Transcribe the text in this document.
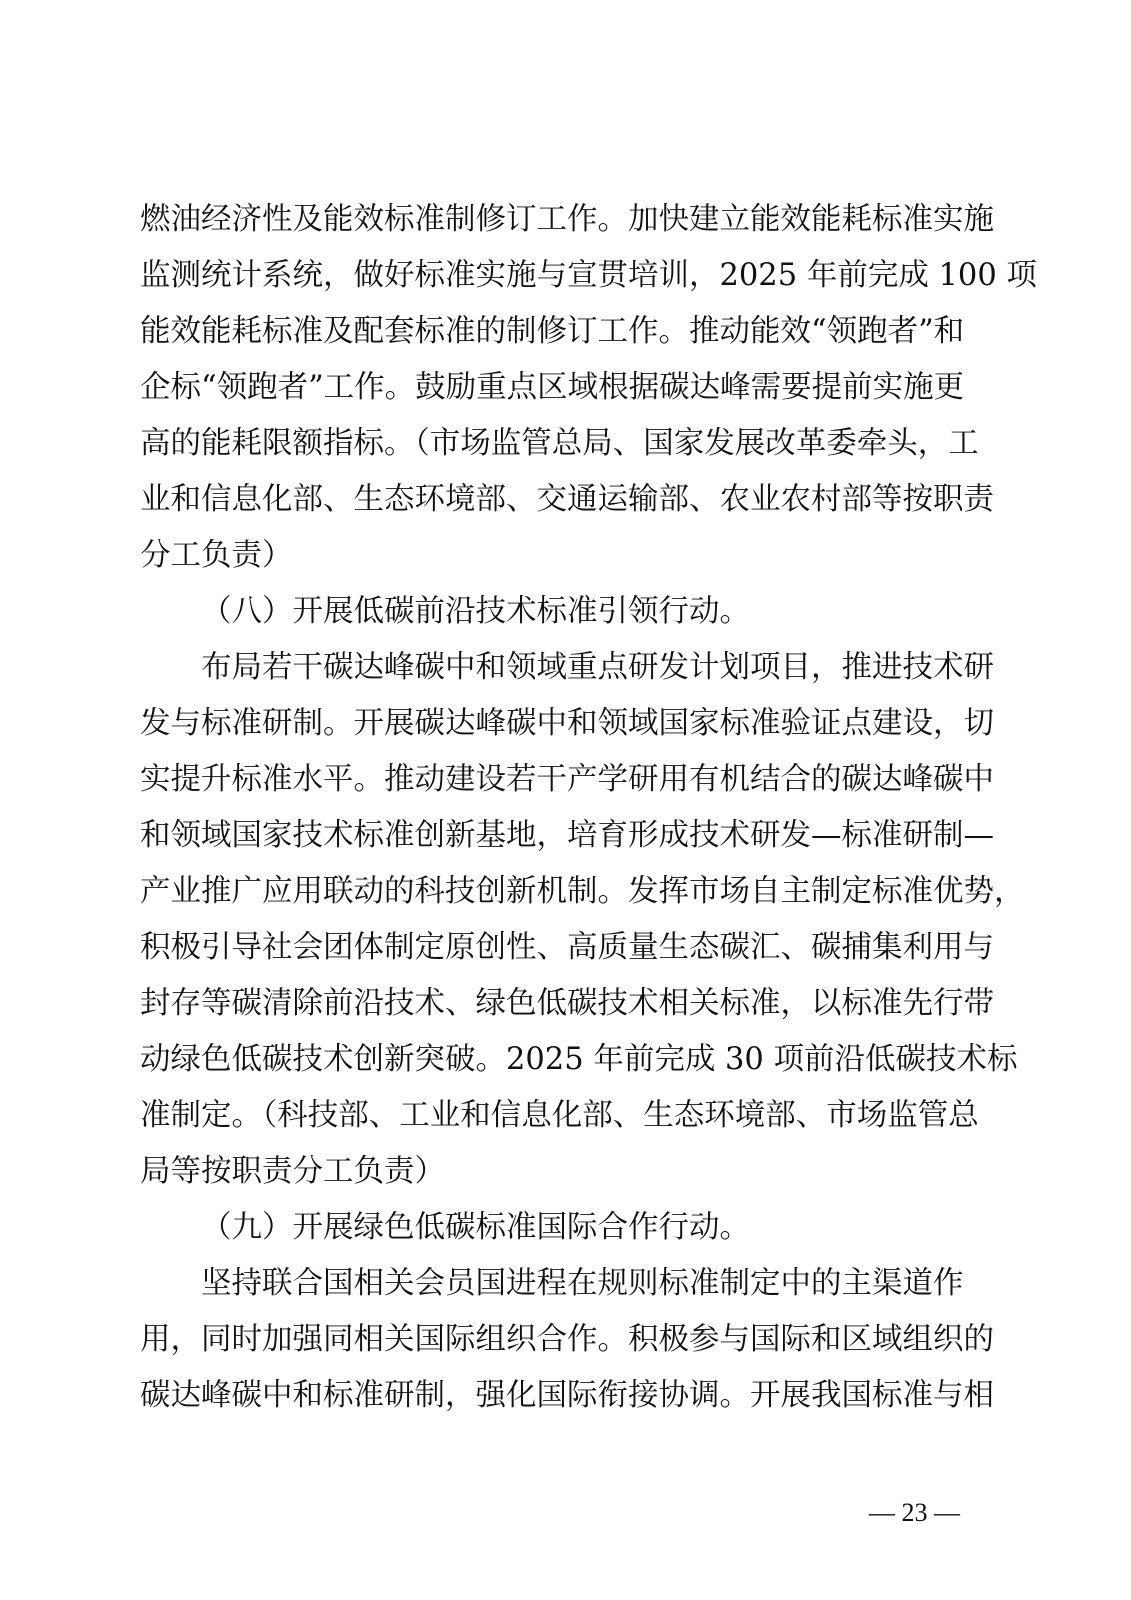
燃油经济性及能效标准制修订工作。加快建立能效能耗标准实施
监测统计系统，做好标准实施与宣贯培训，2025 年前完成 100 项
能效能耗标准及配套标准的制修订工作。推动能效“领跑者”和
企标“领跑者”工作。鼓励重点区域根据碳达峰需要提前实施更
高的能耗限额指标。（市场监管总局、国家发展改革委牵头，工
业和信息化部、生态环境部、交通运输部、农业农村部等按职责
分工负责）
（八）开展低碳前沿技术标准引领行动。
布局若干碳达峰碳中和领域重点研发计划项目，推进技术研
发与标准研制。开展碳达峰碳中和领域国家标准验证点建设，切
实提升标准水平。推动建设若干产学研用有机结合的碳达峰碳中
和领域国家技术标准创新基地，培育形成技术研发—标准研制—
产业推广应用联动的科技创新机制。发挥市场自主制定标准优势，
积极引导社会团体制定原创性、高质量生态碳汇、碳捕集利用与
封存等碳清除前沿技术、绿色低碳技术相关标准，以标准先行带
动绿色低碳技术创新突破。2025 年前完成 30 项前沿低碳技术标
准制定。（科技部、工业和信息化部、生态环境部、市场监管总
局等按职责分工负责）
（九）开展绿色低碳标准国际合作行动。
坚持联合国相关会员国进程在规则标准制定中的主渠道作
用，同时加强同相关国际组织合作。积极参与国际和区域组织的
碳达峰碳中和标准研制，强化国际衔接协调。开展我国标准与相
— 23 —
